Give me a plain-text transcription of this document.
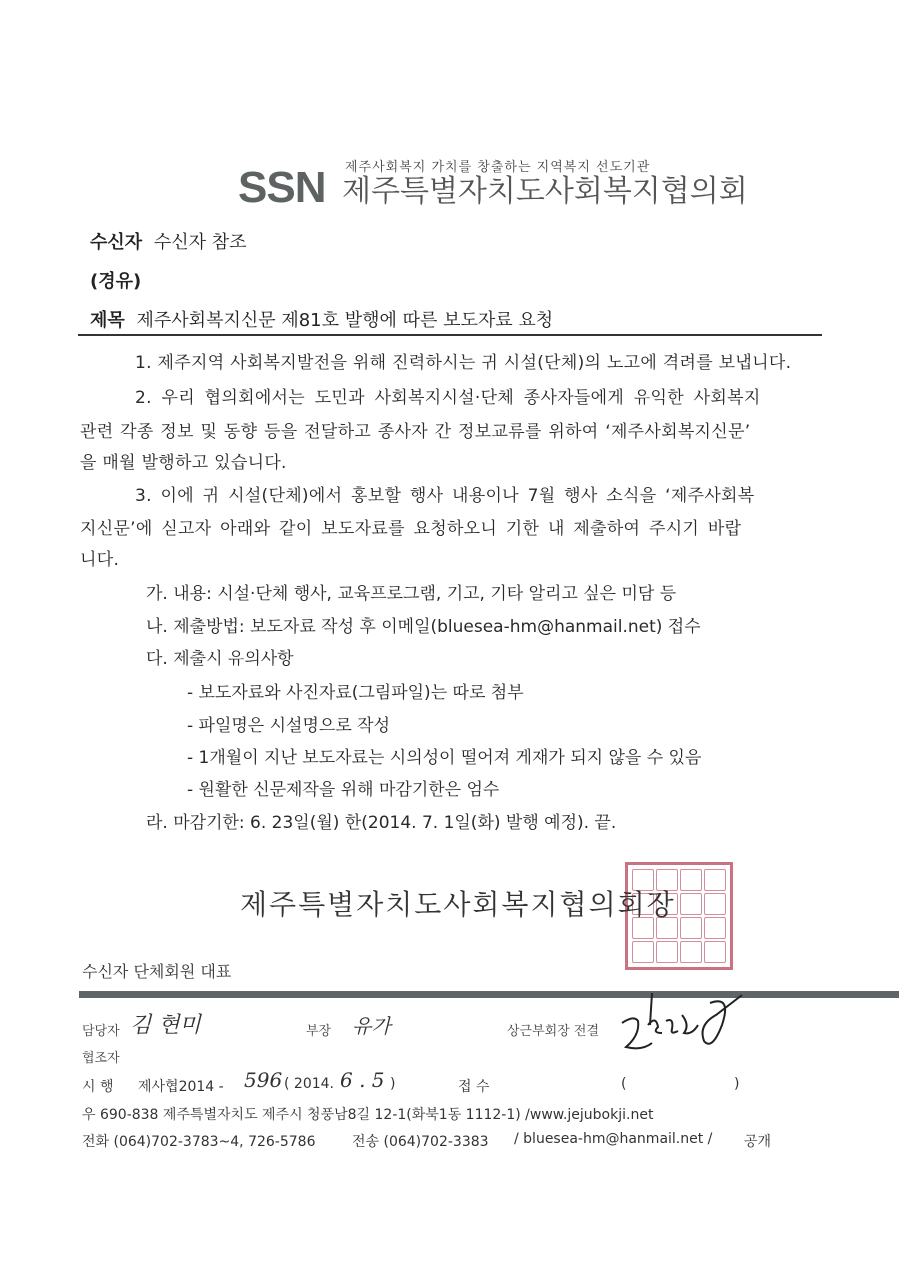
제주사회복지 가치를 창출하는 지역복지 선도기관
SSN 제주특별자치도사회복지협의회
수신자 수신자 참조
(경유)
제목 제주사회복지신문 제81호 발행에 따른 보도자료 요청
1. 제주지역 사회복지발전을 위해 진력하시는 귀 시설(단체)의 노고에 격려를 보냅니다.
2. 우리 협의회에서는 도민과 사회복지시설·단체 종사자들에게 유익한 사회복지
관련 각종 정보 및 동향 등을 전달하고 종사자 간 정보교류를 위하여 ‘제주사회복지신문’
을 매월 발행하고 있습니다.
3. 이에 귀 시설(단체)에서 홍보할 행사 내용이나 7월 행사 소식을 ‘제주사회복
지신문’에 싣고자 아래와 같이 보도자료를 요청하오니 기한 내 제출하여 주시기 바랍
니다.
가. 내용: 시설·단체 행사, 교육프로그램, 기고, 기타 알리고 싶은 미담 등
나. 제출방법: 보도자료 작성 후 이메일(bluesea-hm@hanmail.net) 접수
다. 제출시 유의사항
- 보도자료와 사진자료(그림파일)는 따로 첨부
- 파일명은 시설명으로 작성
- 1개월이 지난 보도자료는 시의성이 떨어져 게재가 되지 않을 수 있음
- 원활한 신문제작을 위해 마감기한은 엄수
라. 마감기한: 6. 23일(월) 한(2014. 7. 1일(화) 발행 예정). 끝.
제주특별자치도사회복지협의회장
수신자 단체회원 대표
담당자 김 현미	부장 유가	상근부회장 전결
협조자
시 행 제사협2014 - 596 ( 2014. 6 . 5 )	접 수	(	)
우 690-838 제주특별자치도 제주시 청풍남8길 12-1(화북1동 1112-1) /www.jejubokji.net
전화 (064)702-3783~4, 726-5786	전송 (064)702-3383 / bluesea-hm@hanmail.net / 공개
